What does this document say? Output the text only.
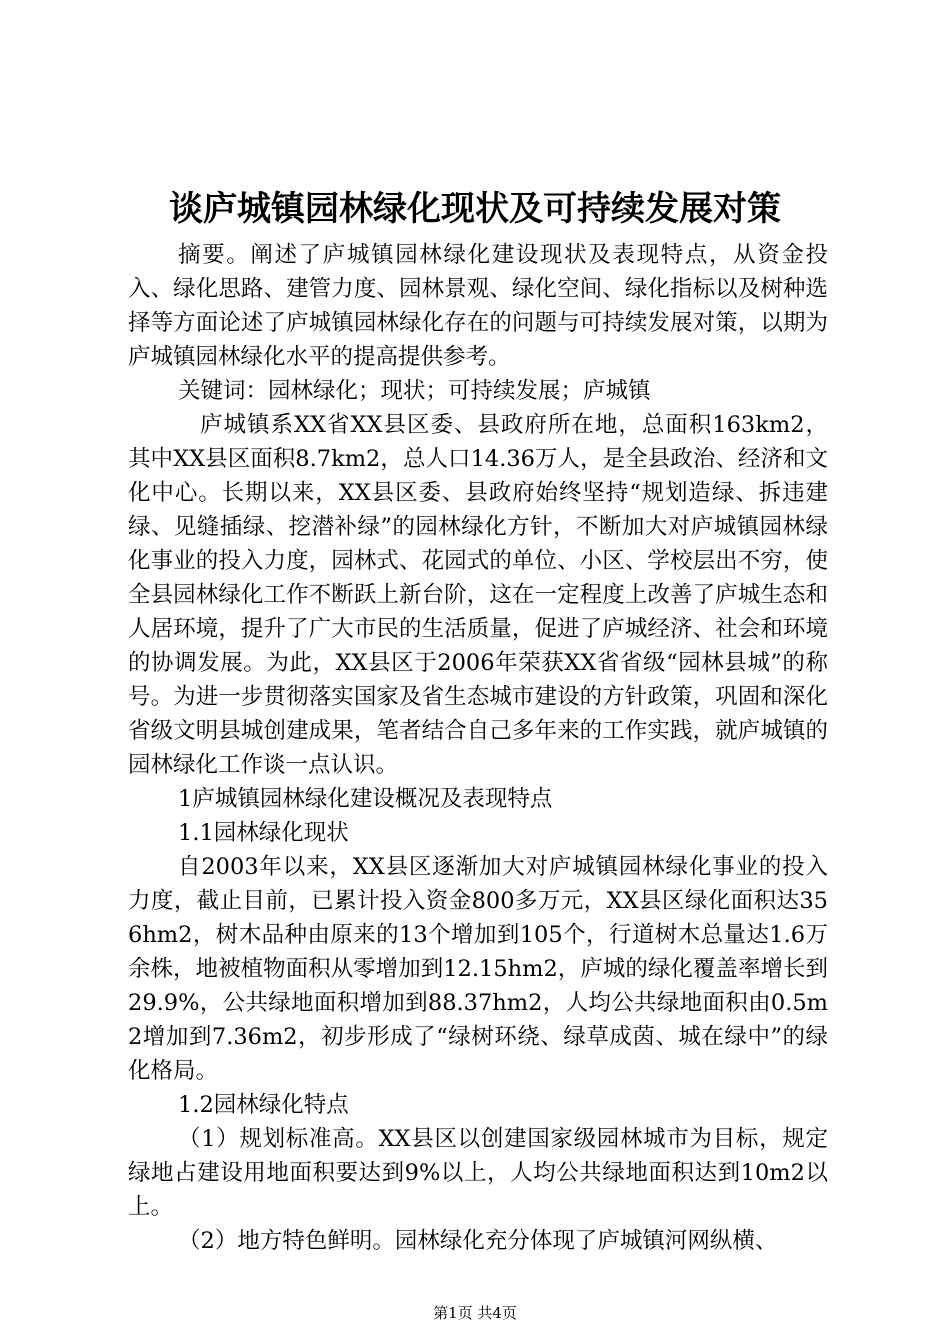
谈庐城镇园林绿化现状及可持续发展对策

摘要。阐述了庐城镇园林绿化建设现状及表现特点，从资金投入、绿化思路、建管力度、园林景观、绿化空间、绿化指标以及树种选择等方面论述了庐城镇园林绿化存在的问题与可持续发展对策，以期为庐城镇园林绿化水平的提高提供参考。

关键词：园林绿化；现状；可持续发展；庐城镇

庐城镇系XX省XX县区委、县政府所在地，总面积163km2，其中XX县区面积8.7km2，总人口14.36万人，是全县政治、经济和文化中心。长期以来，XX县区委、县政府始终坚持“规划造绿、拆违建绿、见缝插绿、挖潜补绿”的园林绿化方针，不断加大对庐城镇园林绿化事业的投入力度，园林式、花园式的单位、小区、学校层出不穷，使全县园林绿化工作不断跃上新台阶，这在一定程度上改善了庐城生态和人居环境，提升了广大市民的生活质量，促进了庐城经济、社会和环境的协调发展。为此，XX县区于2006年荣获XX省省级“园林县城”的称号。为进一步贯彻落实国家及省生态城市建设的方针政策，巩固和深化省级文明县城创建成果，笔者结合自己多年来的工作实践，就庐城镇的园林绿化工作谈一点认识。

1庐城镇园林绿化建设概况及表现特点

1.1园林绿化现状

自2003年以来，XX县区逐渐加大对庐城镇园林绿化事业的投入力度，截止目前，已累计投入资金800多万元，XX县区绿化面积达356hm2，树木品种由原来的13个增加到105个，行道树木总量达1.6万余株，地被植物面积从零增加到12.15hm2，庐城的绿化覆盖率增长到29.9%，公共绿地面积增加到88.37hm2，人均公共绿地面积由0.5m2增加到7.36m2，初步形成了“绿树环绕、绿草成茵、城在绿中”的绿化格局。

1.2园林绿化特点

（1）规划标准高。XX县区以创建国家级园林城市为目标，规定绿地占建设用地面积要达到9%以上，人均公共绿地面积达到10m2以上。

（2）地方特色鲜明。园林绿化充分体现了庐城镇河网纵横、

第1页 共4页
